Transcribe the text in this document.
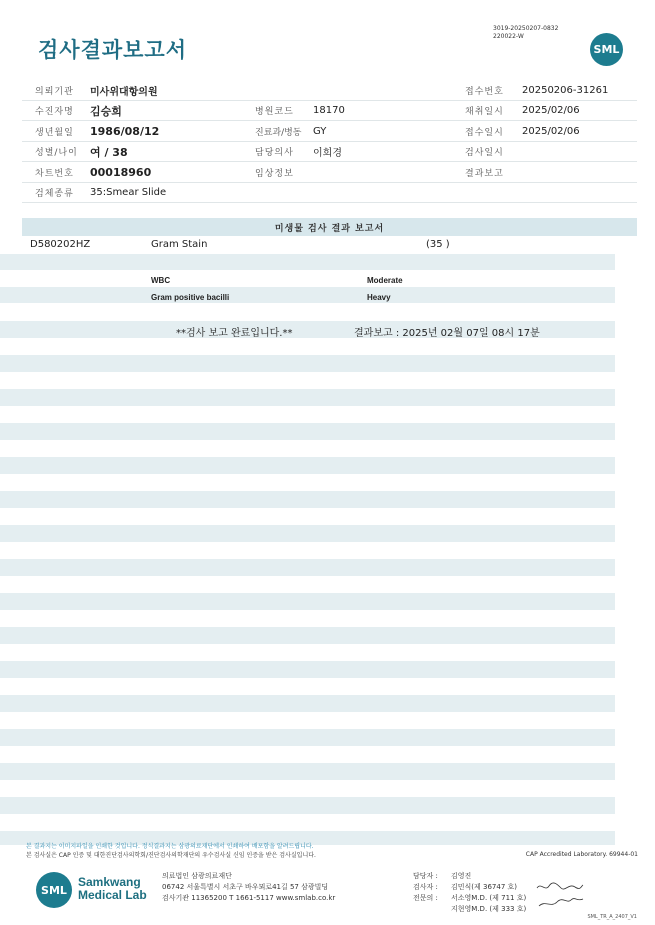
3019-20250207-0832
220022-W
검사결과보고서	SML
의뢰기관 미사위대항의원	접수번호 20250206-31261
수진자명 김승희	병원코드 18170	채취일시 2025/02/06
생년월일 1986/08/12	진료과/병동 GY	접수일시 2025/02/06
성별/나이 여 / 38	담당의사 이희경	검사일시
차트번호 00018960	임상정보	결과보고
검체종류 35:Smear Slide
미생물 검사 결과 보고서
D580202HZ	Gram Stain	(35 )
WBC	Moderate
Gram positive bacilli	Heavy
**검사 보고 완료입니다.**	결과보고 : 2025년 02월 07일 08시 17분
본 결과지는 이미지파일을 인쇄한 것입니다. 정식결과지는 삼광의료재단에서 인쇄하여 배포함을 알려드립니다.
본 검사실은 CAP 인증 및 대한진단검사의학회/진단검사의학재단의 우수검사실 신임 인증을 받은 검사실입니다.	CAP Accredited Laboratory. 69944-01
SML
Samkwang
Medical Lab
의료법인 삼광의료재단
06742 서울특별시 서초구 바우뫼로41길 57 삼광빌딩
검사기관 11365200 T 1661-5117 www.smlab.co.kr
담당자 :	김영진
검사자 :	김민식(제 36747 호)
전문의 :	서소영M.D. (제 711 호)
지현영M.D. (제 333 호)
SML_TR_A_2407_V1
